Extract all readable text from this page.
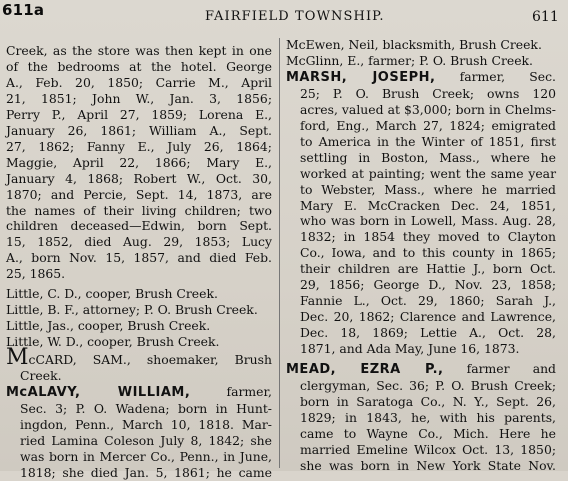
611a	FAIRFIELD TOWNSHIP.	611
Creek, as the store was then kept in one
of the bedrooms at the hotel. George
A., Feb. 20, 1850; Carrie M., April
21, 1851; John W., Jan. 3, 1856;
Perry P., April 27, 1859; Lorena E.,
January 26, 1861; William A., Sept.
27, 1862; Fanny E., July 26, 1864;
Maggie, April 22, 1866; Mary E.,
January 4, 1868; Robert W., Oct. 30,
1870; and Percie, Sept. 14, 1873, are
the names of their living children; two
children deceased—Edwin, born Sept.
15, 1852, died Aug. 29, 1853; Lucy
A., born Nov. 15, 1857, and died Feb.
25, 1865.
Little, C. D., cooper, Brush Creek.
Little, B. F., attorney; P. O. Brush Creek.
Little, Jas., cooper, Brush Creek.
Little, W. D., cooper, Brush Creek.
McCARD, SAM., shoemaker, Brush
Creek.
McALAVY, WILLIAM,	farmer,
Sec. 3; P. O. Wadena; born in Hunt-
ingdon, Penn., March 10, 1818. Mar-
ried Lamina Coleson July 8, 1842; she
was born in Mercer Co., Penn., in June,
1818; she died Jan. 5, 1861; he came
McEwen, Neil, blacksmith, Brush Creek.
McGlinn, E., farmer; P. O. Brush Creek.
MARSH, JOSEPH, farmer, Sec.
25; P. O. Brush Creek; owns 120
acres, valued at $3,000; born in Chelms-
ford, Eng., March 27, 1824; emigrated
to America in the Winter of 1851, first
settling in Boston, Mass., where he
worked at painting; went the same year
to Webster, Mass., where he married
Mary E. McCracken Dec. 24, 1851,
who was born in Lowell, Mass. Aug. 28,
1832; in 1854 they moved to Clayton
Co., Iowa, and to this county in 1865;
their children are Hattie J., born Oct.
29, 1856; George D., Nov. 23, 1858;
Fannie L., Oct. 29, 1860; Sarah J.,
Dec. 20, 1862; Clarence and Lawrence,
Dec. 18, 1869; Lettie A., Oct. 28,
1871, and Ada May, June 16, 1873.
MEAD, EZRA P., farmer and
clergyman, Sec. 36; P. O. Brush Creek;
born in Saratoga Co., N. Y., Sept. 26,
1829; in 1843, he, with his parents,
came to Wayne Co., Mich. Here he
married Emeline Wilcox Oct. 13, 1850;
she was born in New York State Nov.
